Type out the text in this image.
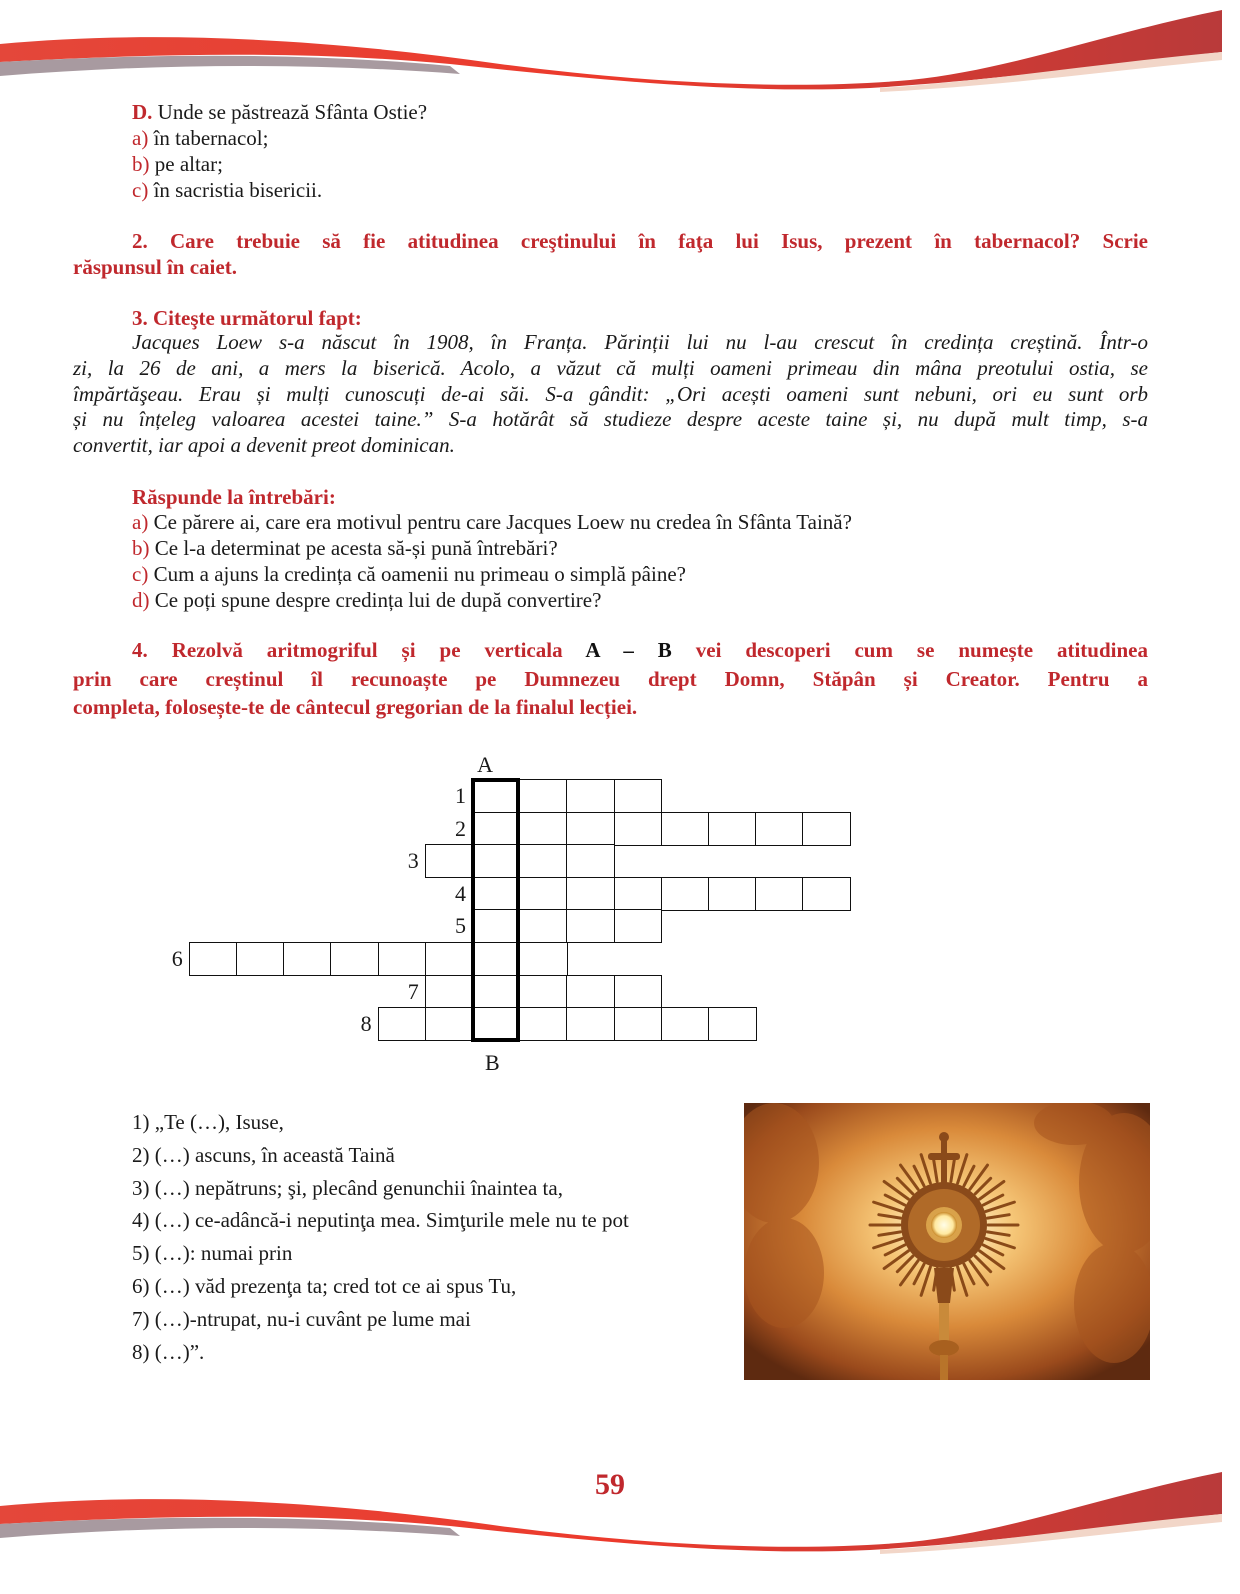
D. Unde se păstrează Sfânta Ostie?
a) în tabernacol;
b) pe altar;
c) în sacristia bisericii.
2. Care trebuie să fie atitudinea creştinului în faţa lui Isus, prezent în tabernacol? Scrie
răspunsul în caiet.
3. Citeşte următorul fapt:
Jacques Loew s-a născut în 1908, în Franța. Părinții lui nu l-au crescut în credința creștină. Într-o
zi, la 26 de ani, a mers la biserică. Acolo, a văzut că mulți oameni primeau din mâna preotului ostia, se
împărtăşeau. Erau și mulți cunoscuți de-ai săi. S-a gândit: „Ori acești oameni sunt nebuni, ori eu sunt orb
și nu înțeleg valoarea acestei taine.” S-a hotărât să studieze despre aceste taine și, nu după mult timp, s-a
convertit, iar apoi a devenit preot dominican.
Răspunde la întrebări:
a) Ce părere ai, care era motivul pentru care Jacques Loew nu credea în Sfânta Taină?
b) Ce l-a determinat pe acesta să-și pună întrebări?
c) Cum a ajuns la credința că oamenii nu primeau o simplă pâine?
d) Ce poți spune despre credința lui de după convertire?
4. Rezolvă aritmogriful și pe verticala A – B vei descoperi cum se numește atitudinea
prin care creștinul îl recunoaște pe Dumnezeu drept Domn, Stăpân și Creator. Pentru a
completa, folosește-te de cântecul gregorian de la finalul lecției.
A
B
1
2
3
4
5
6
7
8
1) „Te (…), Isuse,
2) (…) ascuns, în această Taină
3) (…) nepătruns; şi, plecând genunchii înaintea ta,
4) (…) ce-adâncă-i neputinţa mea. Simţurile mele nu te pot
5) (…): numai prin
6) (…) văd prezenţa ta; cred tot ce ai spus Tu,
7) (…)-ntrupat, nu-i cuvânt pe lume mai
8) (…)”.
59
